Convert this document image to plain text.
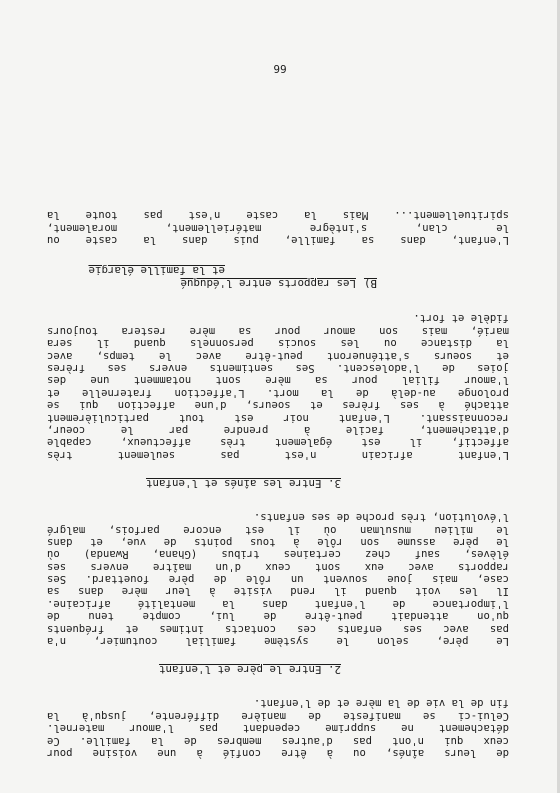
de leurs aînés, ou à être confié à une voisine pour
ceux qui n'ont pas d'autres membres de la famille. Ce
détachement ne supprime cependant pas l'amour maternel.
Celui-ci se manifeste de manière différente, jusqu'à la
fin de la vie de la mère et de l'enfant.
2. Entre le père et l'enfant
Le père, selon le système familial coutumier, n'a
pas avec ses enfants ces contacts intimes et fréquents
qu'on attendait peut-être de lui, compte tenu de
l'importance de l'enfant dans la mentalité africaine.
Il les voit quand il rend visite à leur mère dans sa
case, mais joue souvent un rôle de père fouettard. Ses
rapports avec eux sont ceux d'un maître envers ses
élèves, sauf chez certaines tribus (Ghana, Rwanda) où
le père assume son rôle à tous points de vue, et dans
le milieu musulman où il est encore parfois, malgré
l'évolution, très proche de ses enfants.
3. Entre les aînés et l'enfant
L'enfant africain n'est pas seulement très
affectif, il est également très affectueux, capable
d'attachement, facile à prendre par le coeur,
reconnaissant. L'enfant noir est tout particulièrement
attaché à ses frères et soeurs, d'une affection qui se
prolonge au-delà de la mort. L'affection fraternelle et
l'amour filial pour sa mère sont notamment une des
joies de l'adolescent. Ses sentiments envers ses frères
et soeurs s'atténueront peut-être avec le temps, avec
la distance ou les soucis personnels quand il sera
marié, mais son amour pour sa mère restera toujours
fidèle et fort.
B)Les rapports entre l'éduqué
et la famille élargie
L'enfant, dans sa famille, puis dans la caste ou
le clan, s'intègre matériellement, moralement,
spirituellement... Mais la caste n'est pas toute la
66
